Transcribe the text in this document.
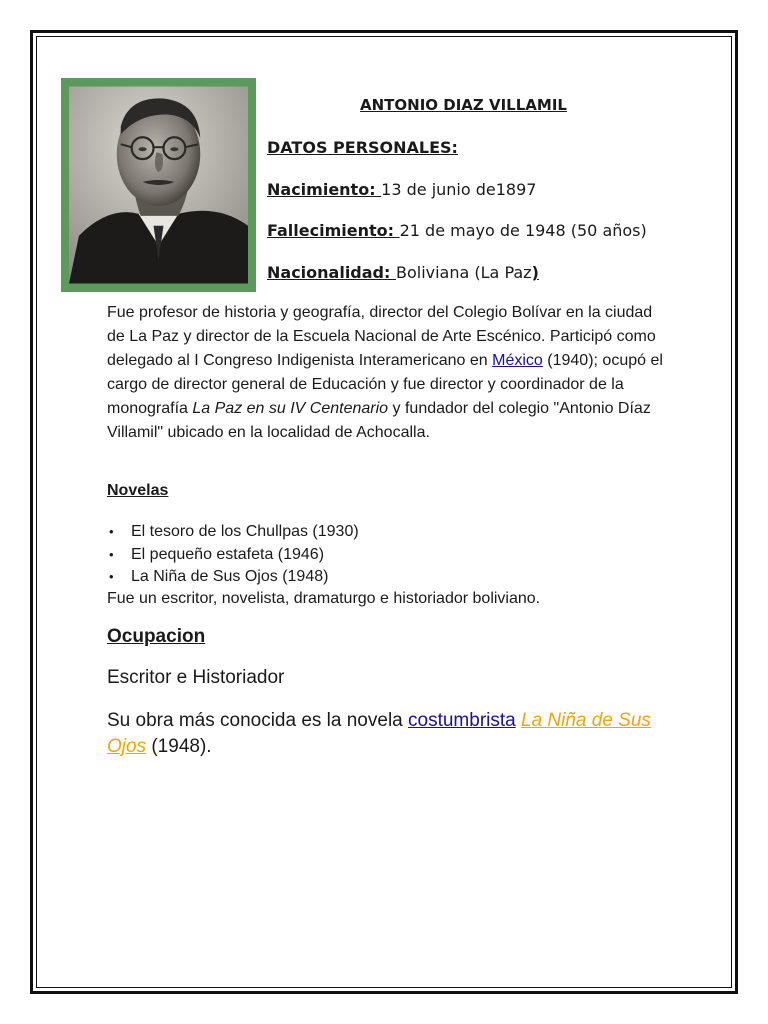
ANTONIO DIAZ VILLAMIL
DATOS PERSONALES:
Nacimiento: 13 de junio de1897
Fallecimiento: 21 de mayo de 1948 (50 años)
Nacionalidad: Boliviana (La Paz)
Fue profesor de historia y geografía, director del Colegio Bolívar en la ciudad de La Paz y director de la Escuela Nacional de Arte Escénico. Participó como delegado al I Congreso Indigenista Interamericano en México (1940); ocupó el cargo de director general de Educación y fue director y coordinador de la monografía La Paz en su IV Centenario y fundador del colegio "Antonio Díaz Villamil" ubicado en la localidad de Achocalla.
Novelas
• El tesoro de los Chullpas (1930)
• El pequeño estafeta (1946)
• La Niña de Sus Ojos (1948)
Fue un escritor, novelista, dramaturgo e historiador boliviano.
Ocupacion
Escritor e Historiador
Su obra más conocida es la novela costumbrista La Niña de Sus Ojos (1948).
